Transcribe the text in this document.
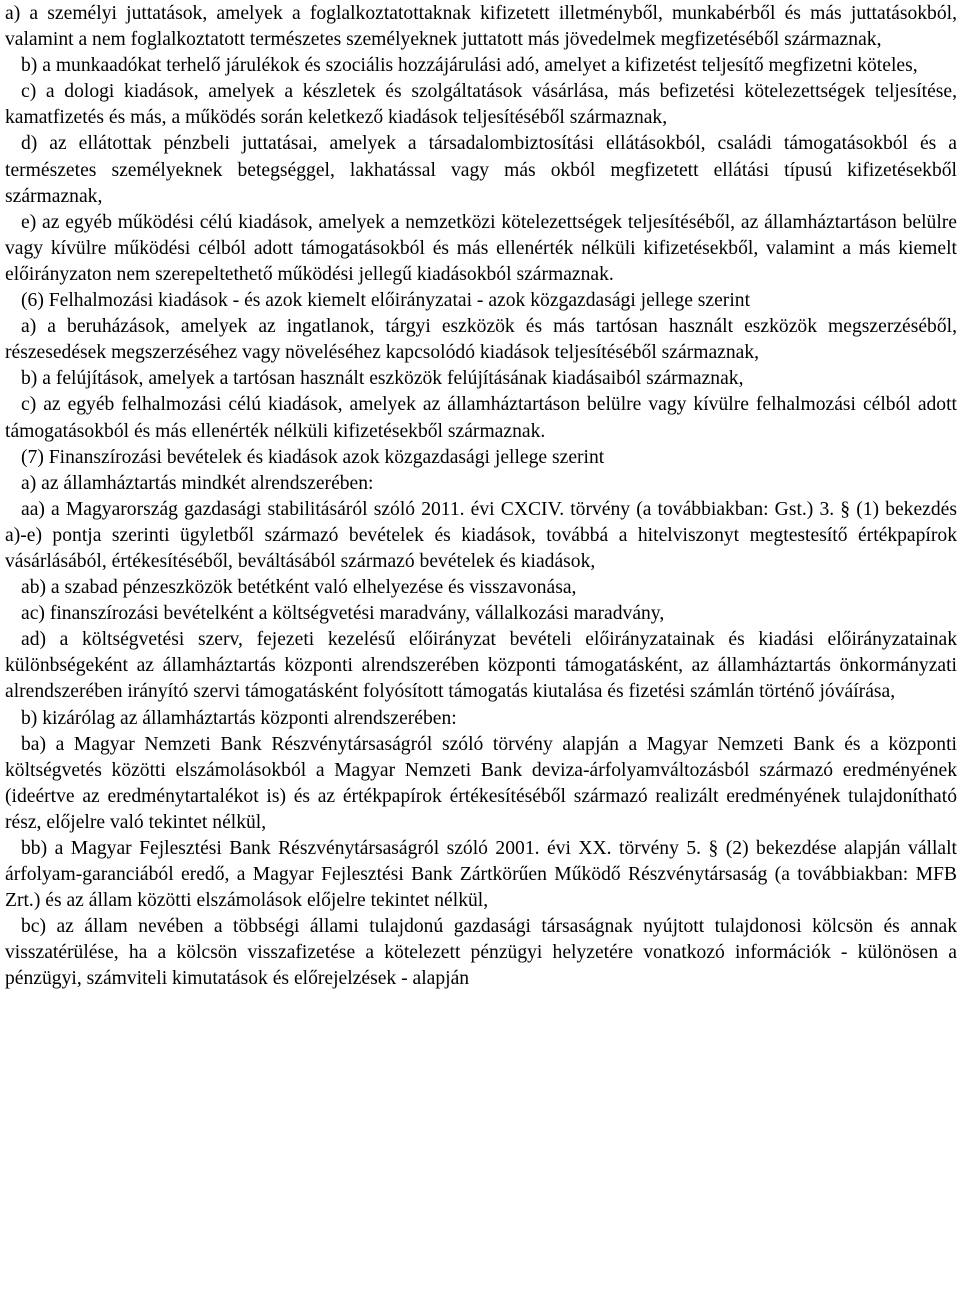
a) a személyi juttatások, amelyek a foglalkoztatottaknak kifizetett illetményből, munkabérből és más juttatásokból, valamint a nem foglalkoztatott természetes személyeknek juttatott más jövedelmek megfizetéséből származnak,

b) a munkaadókat terhelő járulékok és szociális hozzájárulási adó, amelyet a kifizetést teljesítő megfizetni köteles,

c) a dologi kiadások, amelyek a készletek és szolgáltatások vásárlása, más befizetési kötelezettségek teljesítése, kamatfizetés és más, a működés során keletkező kiadások teljesítéséből származnak,

d) az ellátottak pénzbeli juttatásai, amelyek a társadalombiztosítási ellátásokból, családi támogatásokból és a természetes személyeknek betegséggel, lakhatással vagy más okból megfizetett ellátási típusú kifizetésekből származnak,

e) az egyéb működési célú kiadások, amelyek a nemzetközi kötelezettségek teljesítéséből, az államháztartáson belülre vagy kívülre működési célból adott támogatásokból és más ellenérték nélküli kifizetésekből, valamint a más kiemelt előirányzaton nem szerepeltethető működési jellegű kiadásokból származnak.

(6) Felhalmozási kiadások - és azok kiemelt előirányzatai - azok közgazdasági jellege szerint

a) a beruházások, amelyek az ingatlanok, tárgyi eszközök és más tartósan használt eszközök megszerzéséből, részesedések megszerzéséhez vagy növeléséhez kapcsolódó kiadások teljesítéséből származnak,

b) a felújítások, amelyek a tartósan használt eszközök felújításának kiadásaiból származnak,

c) az egyéb felhalmozási célú kiadások, amelyek az államháztartáson belülre vagy kívülre felhalmozási célból adott támogatásokból és más ellenérték nélküli kifizetésekből származnak.

(7) Finanszírozási bevételek és kiadások azok közgazdasági jellege szerint

a) az államháztartás mindkét alrendszerében:

aa) a Magyarország gazdasági stabilitásáról szóló 2011. évi CXCIV. törvény (a továbbiakban: Gst.) 3. § (1) bekezdés a)-e) pontja szerinti ügyletből származó bevételek és kiadások, továbbá a hitelviszonyt megtestesítő értékpapírok vásárlásából, értékesítéséből, beváltásából származó bevételek és kiadások,

ab) a szabad pénzeszközök betétként való elhelyezése és visszavonása,

ac) finanszírozási bevételként a költségvetési maradvány, vállalkozási maradvány,

ad) a költségvetési szerv, fejezeti kezelésű előirányzat bevételi előirányzatainak és kiadási előirányzatainak különbségeként az államháztartás központi alrendszerében központi támogatásként, az államháztartás önkormányzati alrendszerében irányító szervi támogatásként folyósított támogatás kiutalása és fizetési számlán történő jóváírása,

b) kizárólag az államháztartás központi alrendszerében:

ba) a Magyar Nemzeti Bank Részvénytársaságról szóló törvény alapján a Magyar Nemzeti Bank és a központi költségvetés közötti elszámolásokból a Magyar Nemzeti Bank deviza-árfolyamváltozásból származó eredményének (ideértve az eredménytartalékot is) és az értékpapírok értékesítéséből származó realizált eredményének tulajdonítható rész, előjelre való tekintet nélkül,

bb) a Magyar Fejlesztési Bank Részvénytársaságról szóló 2001. évi XX. törvény 5. § (2) bekezdése alapján vállalt árfolyam-garanciából eredő, a Magyar Fejlesztési Bank Zártkörűen Működő Részvénytársaság (a továbbiakban: MFB Zrt.) és az állam közötti elszámolások előjelre tekintet nélkül,

bc) az állam nevében a többségi állami tulajdonú gazdasági társaságnak nyújtott tulajdonosi kölcsön és annak visszatérülése, ha a kölcsön visszafizetése a kötelezett pénzügyi helyzetére vonatkozó információk - különösen a pénzügyi, számviteli kimutatások és előrejelzések - alapján
